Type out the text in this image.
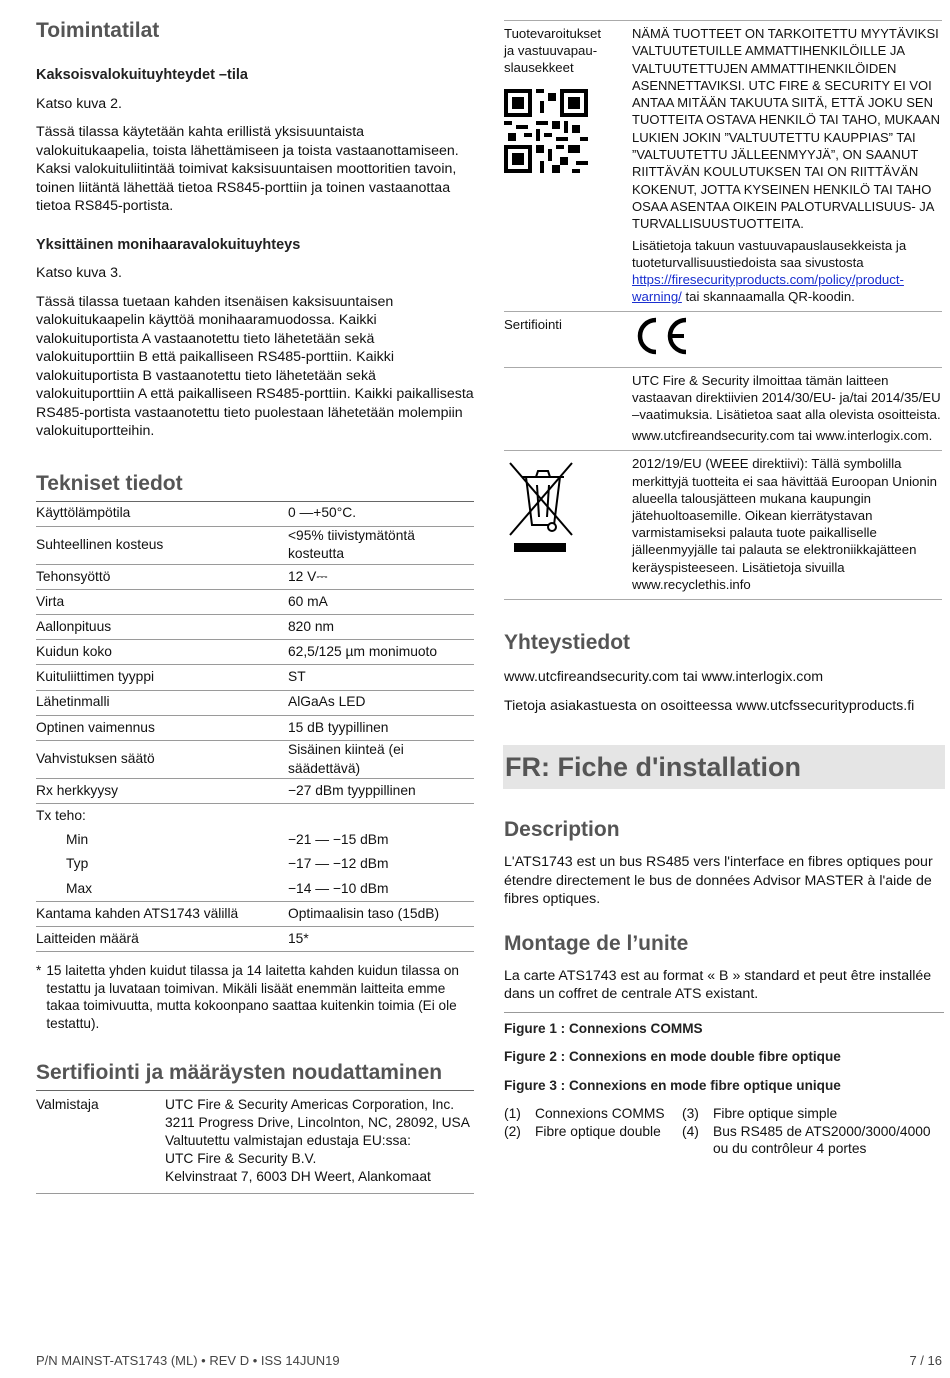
Toimintatilat
Kaksoisvalokuituyhteydet –tila

Katso kuva 2.

Tässä tilassa käytetään kahta erillistä yksisuuntaista valokuitukaapelia, toista lähettämiseen ja toista vastaanottamiseen. Kaksi valokuituliitintää toimivat kaksisuuntaisen moottoritien tavoin, toinen liitäntä lähettää tietoa RS845-porttiin ja toinen vastaanottaa tietoa RS845-portista.

Yksittäinen monihaaravalokuituyhteys

Katso kuva 3.

Tässä tilassa tuetaan kahden itsenäisen kaksisuuntaisen valokuitukaapelin käyttöä monihaaramuodossa. Kaikki valokuituportista A vastaanotettu tieto lähetetään sekä valokuituporttiin B että paikalliseen RS485-porttiin. Kaikki valokuituportista B vastaanotettu tieto lähetetään sekä valokuituporttiin A että paikalliseen RS485-porttiin. Kaikki paikallisesta RS485-portista vastaanotettu tieto puolestaan lähetetään molempiin valokuituportteihin.

Tekniset tiedot
Käyttölämpötila	0 —+50°C.
Suhteellinen kosteus	<95% tiivistymätöntä kosteutta
Tehonsyöttö	12 V⎓
Virta	60 mA
Aallonpituus	820 nm
Kuidun koko	62,5/125 µm monimuoto
Kuituliittimen tyyppi	ST
Lähetinmalli	AlGaAs LED
Optinen vaimennus	15 dB tyypillinen
Vahvistuksen säätö	Sisäinen kiinteä (ei säädettävä)
Rx herkkyysy	−27 dBm tyyppillinen
Tx teho:	
Min	−21 — −15 dBm
Typ	−17 — −12 dBm
Max	−14 — −10 dBm
Kantama kahden ATS1743 välillä	Optimaalisin taso (15dB)
Laitteiden määrä	15*
* 15 laitetta yhden kuidut tilassa ja 14 laitetta kahden kuidun tilassa on testattu ja luvataan toimivan. Mikäli lisäät enemmän laitteita emme takaa toimivuutta, mutta kokoonpano saattaa kuitenkin toimia (Ei ole testattu).
Sertifiointi ja määräysten noudattaminen
Valmistaja	UTC Fire & Security Americas Corporation, Inc.
3211 Progress Drive, Lincolnton, NC, 28092, USA
Valtuutettu valmistajan edustaja EU:ssa:
UTC Fire & Security B.V.
Kelvinstraat 7, 6003 DH Weert, Alankomaat
Tuotevaroitukset ja vastuuvapau-slausekkeet	NÄMÄ TUOTTEET ON TARKOITETTU MYYTÄVIKSI VALTUUTETUILLE AMMATTIHENKILÖILLE JA VALTUUTETTUJEN AMMATTIHENKILÖIDEN ASENNETTAVIKSI. UTC FIRE & SECURITY EI VOI ANTAA MITÄÄN TAKUUTA SIITÄ, ETTÄ JOKU SEN TUOTTEITA OSTAVA HENKILÖ TAI TAHO, MUKAAN LUKIEN JOKIN ”VALTUUTETTU KAUPPIAS” TAI ”VALTUUTETTU JÄLLEENMYYJÄ”, ON SAANUT RIITTÄVÄN KOULUTUKSEN TAI ON RIITTÄVÄN KOKENUT, JOTTA KYSEINEN HENKILÖ TAI TAHO OSAA ASENTAA OIKEIN PALOTURVALLISUUS- JA TURVALLISUUSTUOTTEITA.
Lisätietoja takuun vastuuvapauslausekkeista ja tuoteturvallisuustiedoista saa sivustosta https://firesecurityproducts.com/policy/product-warning/ tai skannaamalla QR-koodin.

Sertifiointi

	UTC Fire & Security ilmoittaa tämän laitteen vastaavan direktiivien 2014/30/EU- ja/tai 2014/35/EU –vaatimuksia. Lisätietoa saat alla olevista osoitteista.
www.utcfireandsecurity.com tai www.interlogix.com.

2012/19/EU (WEEE direktiivi): Tällä symbolilla merkittyjä tuotteita ei saa hävittää Euroopan Unionin alueella talousjätteen mukana kaupungin jätehuoltoasemille. Oikean kierrätystavan varmistamiseksi palauta tuote paikalliselle jälleenmyyjälle tai palauta se elektroniikkajätteen keräyspisteeseen. Lisätietoja sivuilla www.recyclethis.info
Yhteystiedot

www.utcfireandsecurity.com tai www.interlogix.com

Tietoja asiakastuesta on osoitteessa www.utcfssecurityproducts.fi

FR: Fiche d'installation
Description

L'ATS1743 est un bus RS485 vers l'interface en fibres optiques pour étendre directement le bus de données Advisor MASTER à l'aide de fibres optiques.

Montage de l’unite

La carte ATS1743 est au format « B » standard et peut être installée dans un coffret de centrale ATS existant.

Figure 1 : Connexions COMMS
Figure 2 : Connexions en mode double fibre optique
Figure 3 : Connexions en mode fibre optique unique
(1)	Connexions COMMS	(3)	Fibre optique simple
(2)	Fibre optique double	(4)	Bus RS485 de ATS2000/3000/4000 ou du contrôleur 4 portes
P/N MAINST-ATS1743 (ML) • REV D • ISS 14JUN19	7 / 16
